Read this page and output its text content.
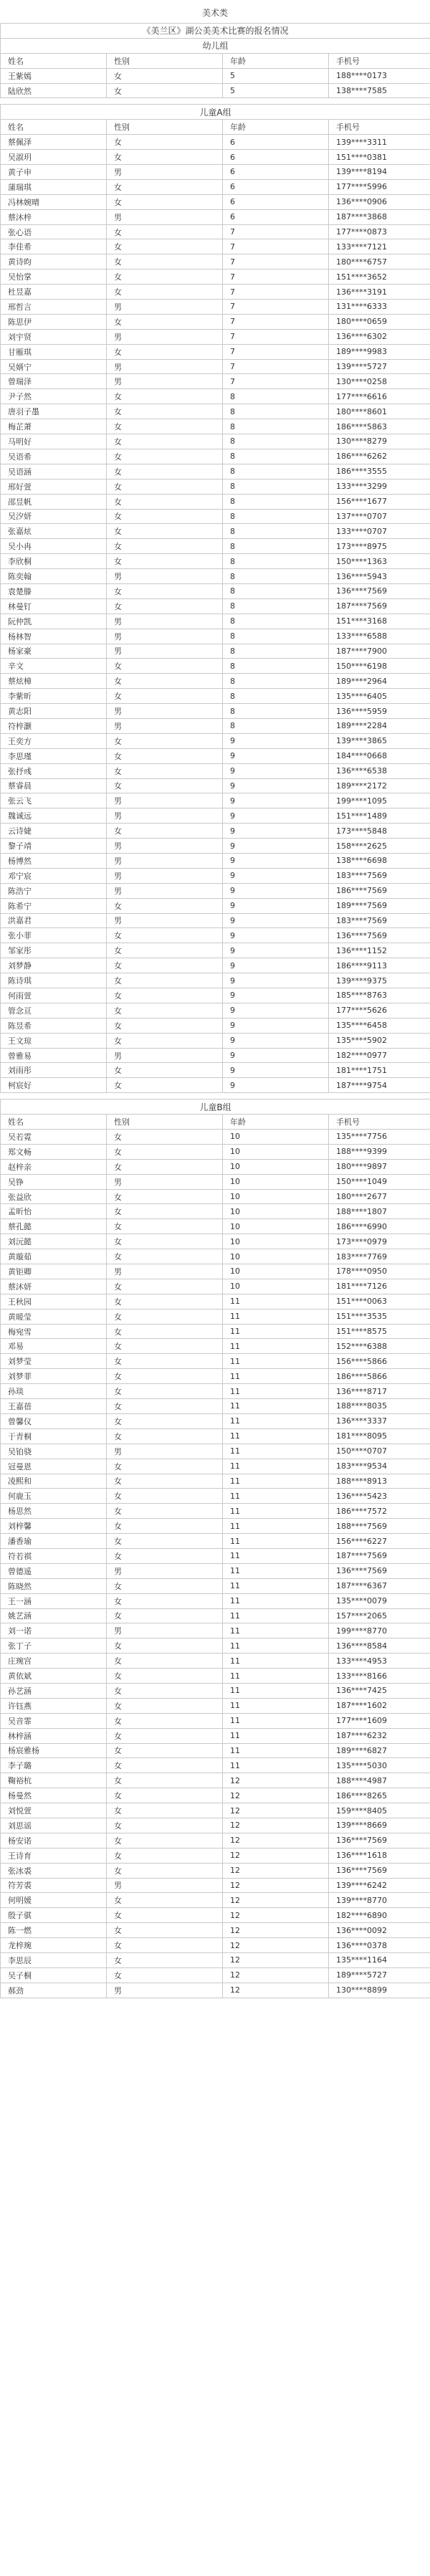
美术类
《美兰区》湖公美美术比赛的报名情况			
幼儿组			
姓名	性别	年龄	手机号
王紫嫣	女	5	188****0173
陆欣然	女	5	138****7585

儿童A组			
姓名	性别	年龄	手机号
蔡佩泽	女	6	139****3311
吴淑玥	女	6	151****0381
黄子申	男	6	139****8194
蒲瑞琪	女	6	177****5996
冯林婉晴	女	6	136****0906
蔡沐梓	男	6	187****3868
张心语	女	7	177****0873
李佳希	女	7	133****7121
黄诗昀	女	7	180****6757
吴怡掌	女	7	151****3652
杜昱嘉	女	7	136****3191
邢哲言	男	7	131****6333
陈思伊	女	7	180****0659
刘宇贤	男	7	136****6302
甘雁琪	女	7	189****9983
吴婿宁	男	7	139****5727
曾瑞泽	男	7	130****0258
尹子然	女	8	177****6616
唐羽子墨	女	8	180****8601
梅芷萧	女	8	186****5863
马明好	女	8	130****8279
吴语希	女	8	186****6262
吴语涵	女	8	186****3555
邢好萱	女	8	133****3299
邵昱帆	女	8	156****1677
吴汐妍	女	8	137****0707
张嘉炫	女	8	133****0707
吴小冉	女	8	173****8975
李欣桐	女	8	150****1363
陈奕翰	男	8	136****5943
袁楚滕	女	8	136****7569
林曼钉	女	8	187****7569
阮仲凯	男	8	151****3168
杨林智	男	8	133****6588
杨家豪	男	8	187****7900
辛文	女	8	150****6198
蔡炫樟	女	8	189****2964
李紫昕	女	8	135****6405
黄志阳	男	8	136****5959
符梓灏	男	8	189****2284
王奕方	女	9	139****3865
李思瑾	女	9	184****0668
张抒彧	女	9	136****6538
蔡睿晨	女	9	189****2172
张云飞	男	9	199****1095
魏诚远	男	9	151****1489
云诗婕	女	9	173****5848
黎子靖	男	9	158****2625
杨博然	男	9	138****6698
邓宁宸	男	9	183****7569
陈浩宁	男	9	186****7569
陈希宁	女	9	189****7569
洪嘉君	男	9	183****7569
张小菲	女	9	136****7569
邹家彤	女	9	136****1152
刘梦静	女	9	186****9113
陈诗琪	女	9	139****9375
何雨萱	女	9	185****8763
管念亘	女	9	177****5626
陈昱希	女	9	135****6458
王文琼	女	9	135****5902
曾雅易	男	9	182****0977
刘雨彤	女	9	181****1751
柯宸好	女	9	187****9754

儿童B组			
姓名	性别	年龄	手机号
吴若霓	女	10	135****7756
郑文畅	女	10	188****9399
赵梓亲	女	10	180****9897
吴铮	男	10	150****1049
张益欣	女	10	180****2677
孟昕怡	女	10	188****1807
蔡孔懿	女	10	186****6990
刘沅懿	女	10	173****0979
黄璇茹	女	10	183****7769
黄钜卿	男	10	178****0950
蔡沐妍	女	10	181****7126
王秋园	女	11	151****0063
黄暖莹	女	11	151****3535
梅宛雪	女	11	151****8575
邓易	女	11	152****6388
刘梦莹	女	11	156****5866
刘梦菲	女	11	186****5866
孙琰	女	11	136****8717
王嘉蓓	女	11	188****8035
曾馨仪	女	11	136****3337
于青桐	女	11	181****8095
吴铂骁	男	11	150****0707
冠曼恩	女	11	183****9534
凌熙和	女	11	188****8913
何鹿玉	女	11	136****5423
杨思然	女	11	186****7572
刘梓馨	女	11	188****7569
潘香瑜	女	11	156****6227
符若祺	女	11	187****7569
曾德遥	男	11	136****7569
陈晓然	女	11	187****6367
王一涵	女	11	135****0079
姚艺涵	女	11	157****2065
刘一诺	男	11	199****8770
张丁子	女	11	136****8584
庄琬宫	女	11	133****4953
黄依斌	女	11	133****8166
孙艺涵	女	11	136****7425
许钰燕	女	11	187****1602
吴音霏	女	11	177****1609
林梓涵	女	11	187****6232
杨宸雅杨	女	11	189****6827
李子璐	女	11	135****5030
鞠裕杭	女	12	188****4987
杨曼然	女	12	186****8265
刘悦萱	女	12	159****8405
刘思谣	女	12	139****8669
杨安诺	女	12	136****7569
王诗育	女	12	136****1618
张冰裘	女	12	136****7569
符芳裘	男	12	139****6242
何明媛	女	12	139****8770
殷子骐	女	12	182****6890
陈一燃	女	12	136****0092
龙梓琬	女	12	136****0378
李思辰	女	12	135****1164
吴子桐	女	12	189****5727
郝劲	男	12	130****8899
